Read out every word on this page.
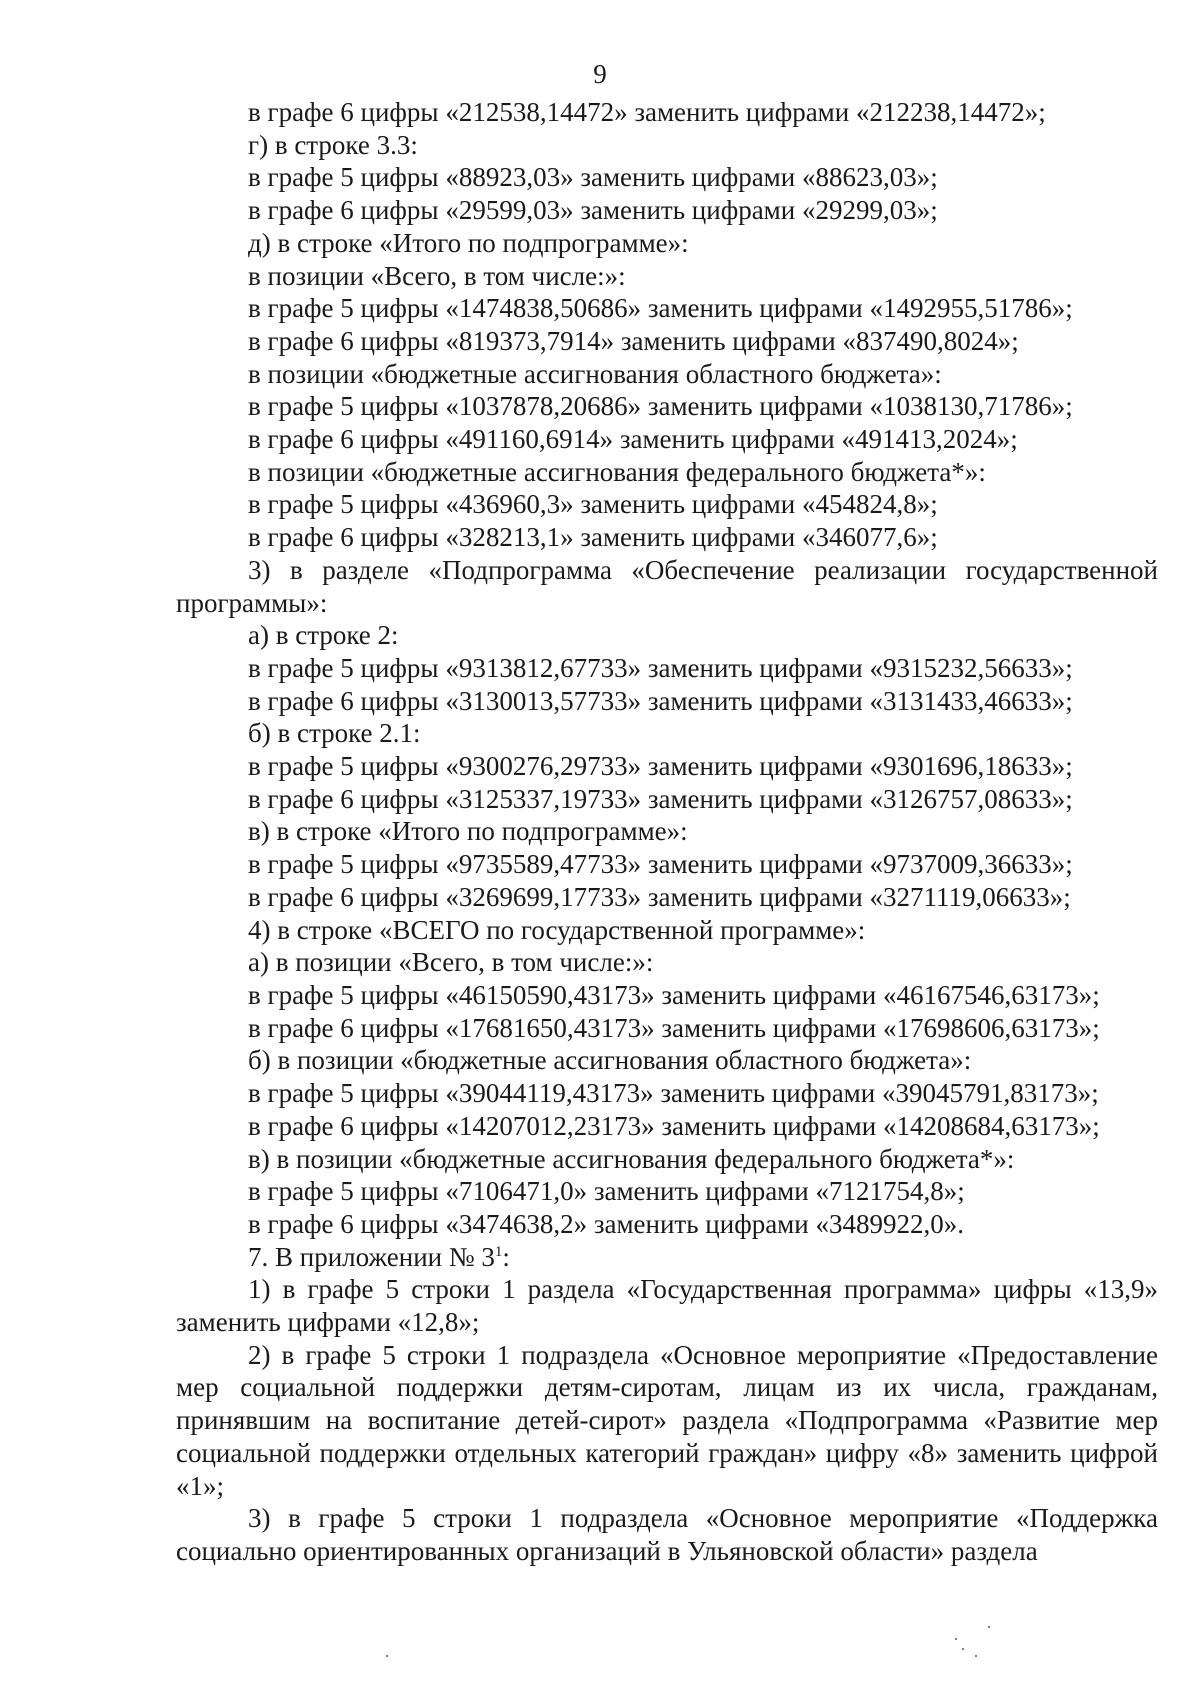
9

в графе 6 цифры «212538,14472» заменить цифрами «212238,14472»;

г) в строке 3.3:

в графе 5 цифры «88923,03» заменить цифрами «88623,03»;

в графе 6 цифры «29599,03» заменить цифрами «29299,03»;

д) в строке «Итого по подпрограмме»:

в позиции «Всего, в том числе:»:

в графе 5 цифры «1474838,50686» заменить цифрами «1492955,51786»;

в графе 6 цифры «819373,7914» заменить цифрами «837490,8024»;

в позиции «бюджетные ассигнования областного бюджета»:

в графе 5 цифры «1037878,20686» заменить цифрами «1038130,71786»;

в графе 6 цифры «491160,6914» заменить цифрами «491413,2024»;

в позиции «бюджетные ассигнования федерального бюджета*»:

в графе 5 цифры «436960,3» заменить цифрами «454824,8»;

в графе 6 цифры «328213,1» заменить цифрами «346077,6»;

3) в разделе «Подпрограмма «Обеспечение реализации государственной программы»:

а) в строке 2:

в графе 5 цифры «9313812,67733» заменить цифрами «9315232,56633»;

в графе 6 цифры «3130013,57733» заменить цифрами «3131433,46633»;

б) в строке 2.1:

в графе 5 цифры «9300276,29733» заменить цифрами «9301696,18633»;

в графе 6 цифры «3125337,19733» заменить цифрами «3126757,08633»;

в) в строке «Итого по подпрограмме»:

в графе 5 цифры «9735589,47733» заменить цифрами «9737009,36633»;

в графе 6 цифры «3269699,17733» заменить цифрами «3271119,06633»;

4) в строке «ВСЕГО по государственной программе»:

а) в позиции «Всего, в том числе:»:

в графе 5 цифры «46150590,43173» заменить цифрами «46167546,63173»;

в графе 6 цифры «17681650,43173» заменить цифрами «17698606,63173»;

б) в позиции «бюджетные ассигнования областного бюджета»:

в графе 5 цифры «39044119,43173» заменить цифрами «39045791,83173»;

в графе 6 цифры «14207012,23173» заменить цифрами «14208684,63173»;

в) в позиции «бюджетные ассигнования федерального бюджета*»:

в графе 5 цифры «7106471,0» заменить цифрами «7121754,8»;

в графе 6 цифры «3474638,2» заменить цифрами «3489922,0».

7. В приложении № $3^1$:

1) в графе 5 строки 1 раздела «Государственная программа» цифры «13,9» заменить цифрами «12,8»;

2) в графе 5 строки 1 подраздела «Основное мероприятие «Предоставление мер социальной поддержки детям-сиротам, лицам из их числа, гражданам, принявшим на воспитание детей-сирот» раздела «Подпрограмма «Развитие мер социальной поддержки отдельных категорий граждан» цифру «8» заменить цифрой «1»;

3) в графе 5 строки 1 подраздела «Основное мероприятие «Поддержка социально ориентированных организаций в Ульяновской области» раздела
